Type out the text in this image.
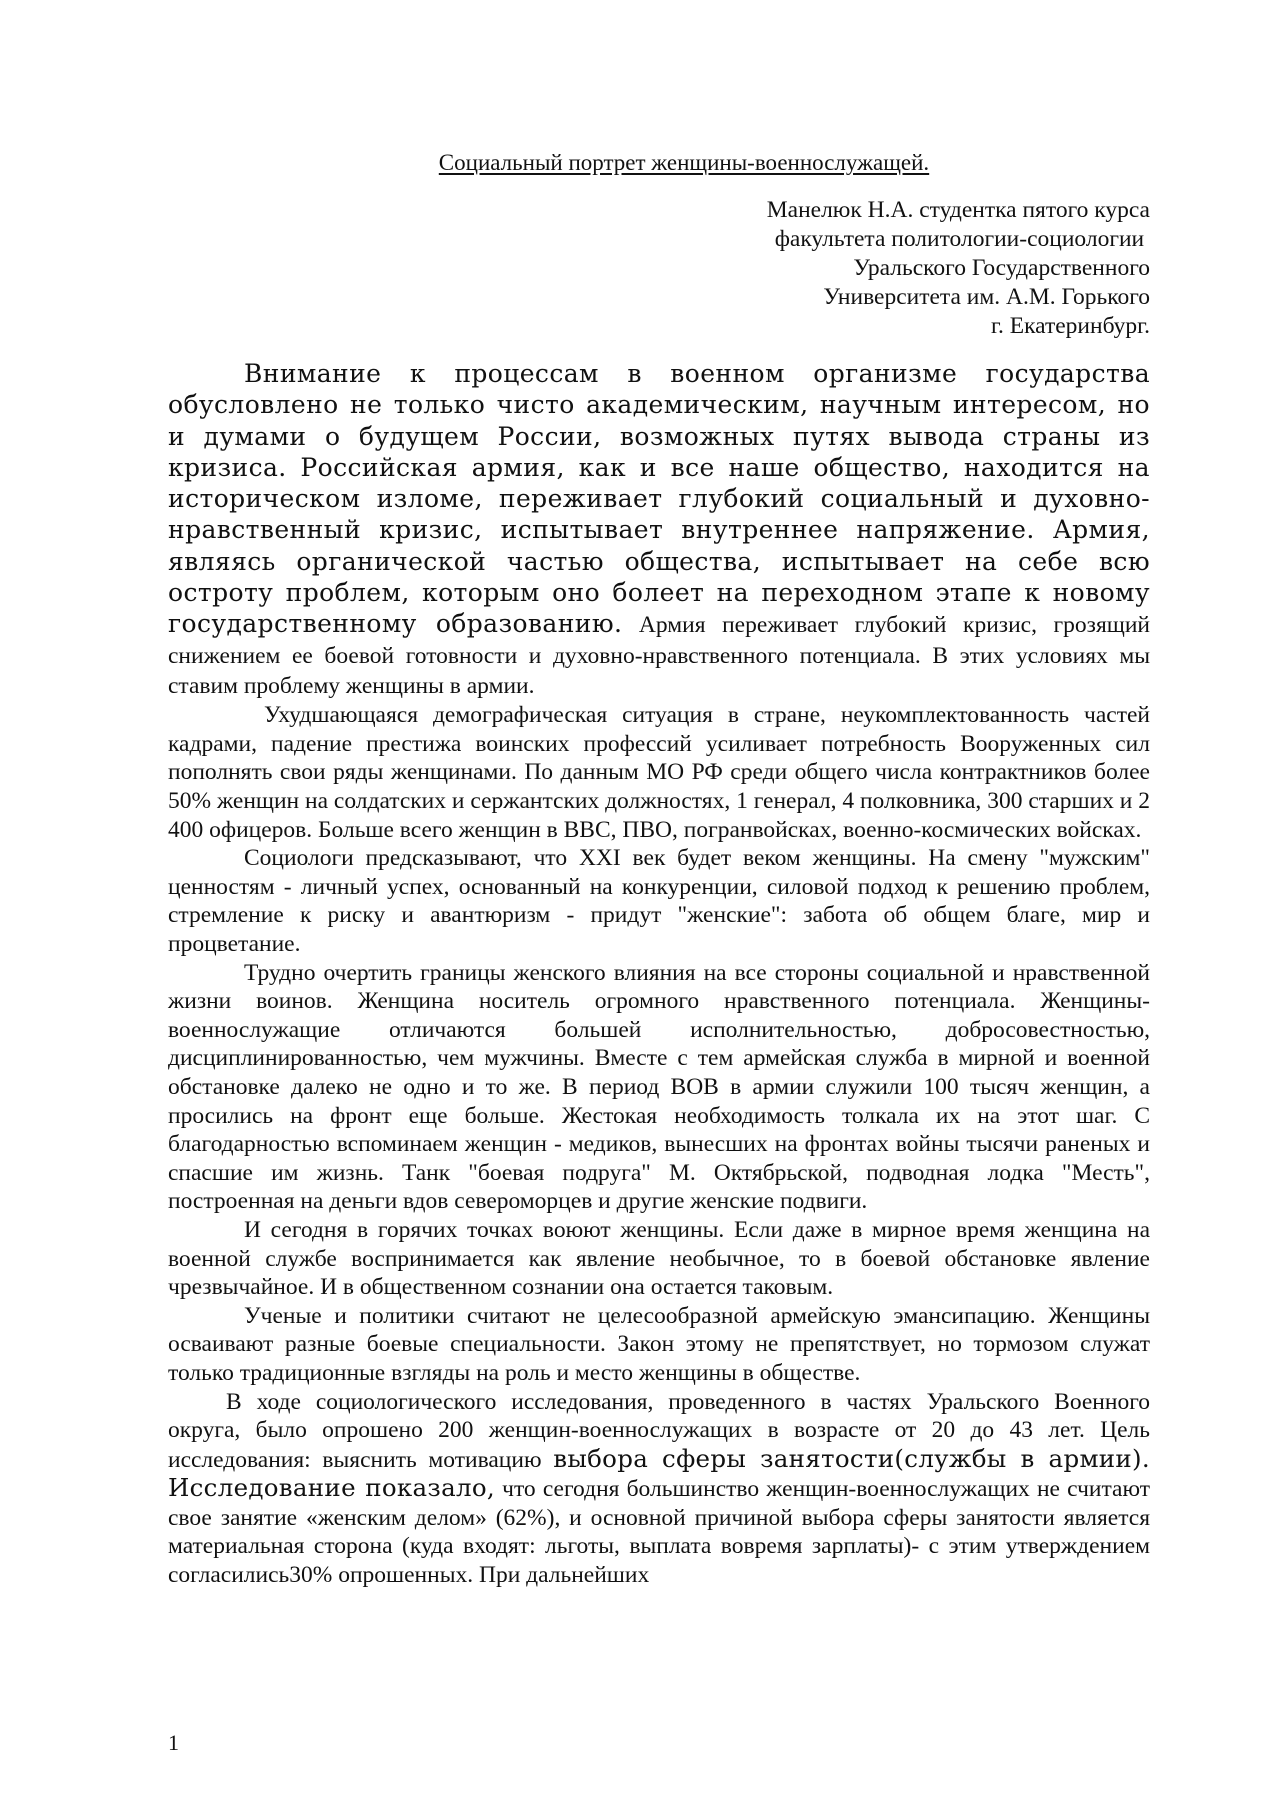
Социальный портрет женщины-военнослужащей.
Манелюк Н.А. студентка пятого курса
факультета политологии-социологии
Уральского Государственного
Университета им. А.М. Горького
г. Екатеринбург.

Внимание к процессам в военном организме государства обусловлено не только чисто академическим, научным интересом, но и думами о будущем России, возможных путях вывода страны из кризиса. Российская армия, как и все наше общество, находится на историческом изломе, переживает глубокий социальный и духовно-нравственный кризис, испытывает внутреннее напряжение. Армия, являясь органической частью общества, испытывает на себе всю остроту проблем, которым оно болеет на переходном этапе к новому государственному образованию. Армия переживает глубокий кризис, грозящий снижением ее боевой готовности и духовно-нравственного потенциала. В этих условиях мы ставим проблему женщины в армии.

Ухудшающаяся демографическая ситуация в стране, неукомплектованность частей кадрами, падение престижа воинских профессий усиливает потребность Вооруженных сил пополнять свои ряды женщинами. По данным МО РФ среди общего числа контрактников более 50% женщин на солдатских и сержантских должностях, 1 генерал, 4 полковника, 300 старших и 2 400 офицеров. Больше всего женщин в ВВС, ПВО, погранвойсках, военно-космических войсках.

Социологи предсказывают, что XXI век будет веком женщины. На смену "мужским" ценностям - личный успех, основанный на конкуренции, силовой подход к решению проблем, стремление к риску и авантюризм - придут "женские": забота об общем благе, мир и процветание.

Трудно очертить границы женского влияния на все стороны социальной и нравственной жизни воинов. Женщина носитель огромного нравственного потенциала. Женщины-военнослужащие отличаются большей исполнительностью, добросовестностью, дисциплинированностью, чем мужчины. Вместе с тем армейская служба в мирной и военной обстановке далеко не одно и то же. В период ВОВ в армии служили 100 тысяч женщин, а просились на фронт еще больше. Жестокая необходимость толкала их на этот шаг. С благодарностью вспоминаем женщин - медиков, вынесших на фронтах войны тысячи раненых и спасшие им жизнь. Танк "боевая подруга" М. Октябрьской, подводная лодка "Месть", построенная на деньги вдов североморцев и другие женские подвиги.

И сегодня в горячих точках воюют женщины. Если даже в мирное время женщина на военной службе воспринимается как явление необычное, то в боевой обстановке явление чрезвычайное. И в общественном сознании она остается таковым.

Ученые и политики считают не целесообразной армейскую эмансипацию. Женщины осваивают разные боевые специальности. Закон этому не препятствует, но тормозом служат только традиционные взгляды на роль и место женщины в обществе.

В ходе социологического исследования, проведенного в частях Уральского Военного округа, было опрошено 200 женщин-военнослужащих в возрасте от 20 до 43 лет. Цель исследования: выяснить мотивацию выбора сферы занятости(службы в армии). Исследование показало, что сегодня большинство женщин-военнослужащих не считают свое занятие «женским делом» (62%), и основной причиной выбора сферы занятости является материальная сторона (куда входят: льготы, выплата вовремя зарплаты)- с этим утверждением согласились30% опрошенных. При дальнейших

1
